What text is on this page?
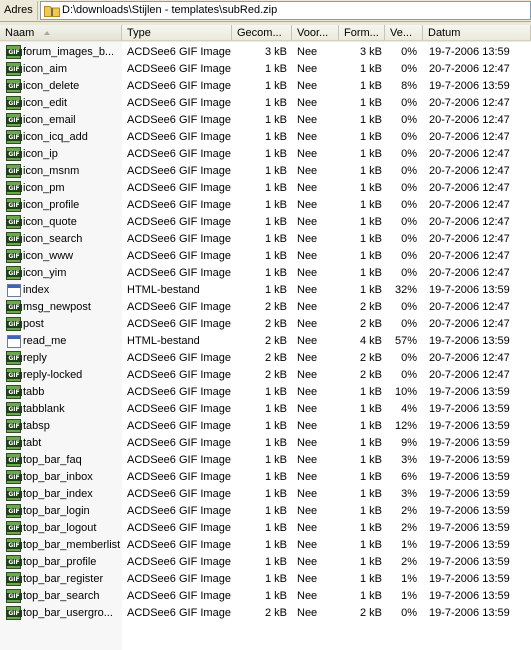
Adres	D:\downloads\Stijlen - templates\subRed.zip
Naam	Type	Gecom...	Voor...	Form...	Ve...	Datum
GIF forum_images_b...	ACDSee6 GIF Image	3 kB Nee	3 kB	0% 19-7-2006 13:59
GIF icon_aim	ACDSee6 GIF Image	1 kB Nee	1 kB	0% 20-7-2006 12:47
GIF icon_delete	ACDSee6 GIF Image	1 kB Nee	1 kB	8% 19-7-2006 13:59
GIF icon_edit	ACDSee6 GIF Image	1 kB Nee	1 kB	0% 20-7-2006 12:47
GIF icon_email	ACDSee6 GIF Image	1 kB Nee	1 kB	0% 20-7-2006 12:47
GIF icon_icq_add	ACDSee6 GIF Image	1 kB Nee	1 kB	0% 20-7-2006 12:47
GIF icon_ip	ACDSee6 GIF Image	1 kB Nee	1 kB	0% 20-7-2006 12:47
GIF icon_msnm	ACDSee6 GIF Image	1 kB Nee	1 kB	0% 20-7-2006 12:47
GIF icon_pm	ACDSee6 GIF Image	1 kB Nee	1 kB	0% 20-7-2006 12:47
GIF icon_profile	ACDSee6 GIF Image	1 kB Nee	1 kB	0% 20-7-2006 12:47
GIF icon_quote	ACDSee6 GIF Image	1 kB Nee	1 kB	0% 20-7-2006 12:47
GIF icon_search	ACDSee6 GIF Image	1 kB Nee	1 kB	0% 20-7-2006 12:47
GIF icon_www	ACDSee6 GIF Image	1 kB Nee	1 kB	0% 20-7-2006 12:47
GIF icon_yim	ACDSee6 GIF Image	1 kB Nee	1 kB	0% 20-7-2006 12:47
index	HTML-bestand	1 kB Nee	1 kB	32% 19-7-2006 13:59
GIF msg_newpost	ACDSee6 GIF Image	2 kB Nee	2 kB	0% 20-7-2006 12:47
GIF post	ACDSee6 GIF Image	2 kB Nee	2 kB	0% 20-7-2006 12:47
read_me	HTML-bestand	2 kB Nee	4 kB	57% 19-7-2006 13:59
GIF reply	ACDSee6 GIF Image	2 kB Nee	2 kB	0% 20-7-2006 12:47
GIF reply-locked	ACDSee6 GIF Image	2 kB Nee	2 kB	0% 20-7-2006 12:47
GIF tabb	ACDSee6 GIF Image	1 kB Nee	1 kB	10% 19-7-2006 13:59
GIF tabblank	ACDSee6 GIF Image	1 kB Nee	1 kB	4% 19-7-2006 13:59
GIF tabsp	ACDSee6 GIF Image	1 kB Nee	1 kB	12% 19-7-2006 13:59
GIF tabt	ACDSee6 GIF Image	1 kB Nee	1 kB	9% 19-7-2006 13:59
GIF top_bar_faq	ACDSee6 GIF Image	1 kB Nee	1 kB	3% 19-7-2006 13:59
GIF top_bar_inbox	ACDSee6 GIF Image	1 kB Nee	1 kB	6% 19-7-2006 13:59
GIF top_bar_index	ACDSee6 GIF Image	1 kB Nee	1 kB	3% 19-7-2006 13:59
GIF top_bar_login	ACDSee6 GIF Image	1 kB Nee	1 kB	2% 19-7-2006 13:59
GIF top_bar_logout	ACDSee6 GIF Image	1 kB Nee	1 kB	2% 19-7-2006 13:59
GIF top_bar_memberlist ACDSee6 GIF Image	1 kB Nee	1 kB	1% 19-7-2006 13:59
GIF top_bar_profile	ACDSee6 GIF Image	1 kB Nee	1 kB	2% 19-7-2006 13:59
GIF top_bar_register	ACDSee6 GIF Image	1 kB Nee	1 kB	1% 19-7-2006 13:59
GIF top_bar_search	ACDSee6 GIF Image	1 kB Nee	1 kB	1% 19-7-2006 13:59
GIF top_bar_usergro...	ACDSee6 GIF Image	2 kB Nee	2 kB	0% 19-7-2006 13:59
